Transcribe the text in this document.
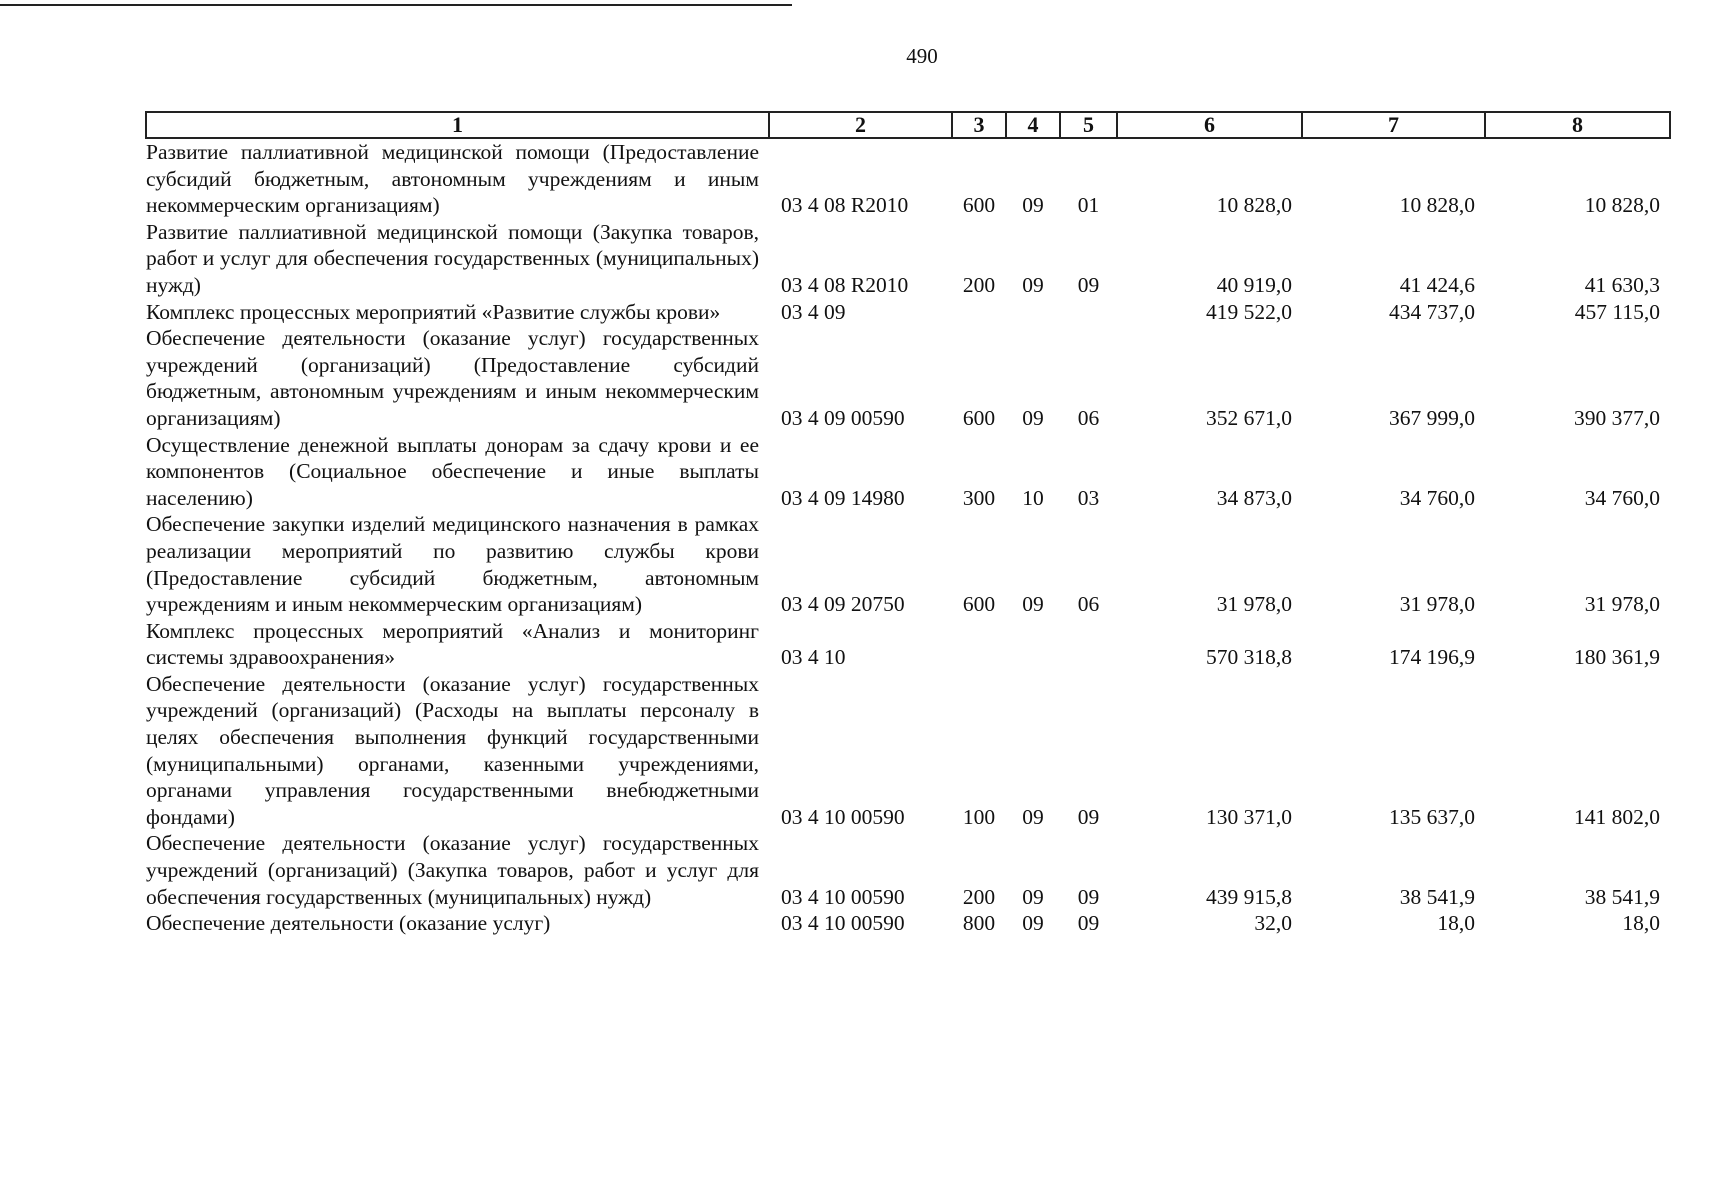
490
1	2	3	4	5	6	7	8
Развитие паллиативной медицинской помощи (Предоставление субсидий бюджетным, автономным учреждениям и иным некоммерческим организациям)	03 4 08 R2010	600	09	01	10 828,0	10 828,0	10 828,0
Развитие паллиативной медицинской помощи (Закупка товаров, работ и услуг для обеспечения государственных (муниципальных) нужд)	03 4 08 R2010	200	09	09	40 919,0	41 424,6	41 630,3
Комплекс процессных мероприятий «Развитие службы крови»	03 4 09				419 522,0	434 737,0	457 115,0
Обеспечение деятельности (оказание услуг) государственных учреждений (организаций) (Предоставление субсидий бюджетным, автономным учреждениям и иным некоммерческим организациям)	03 4 09 00590	600	09	06	352 671,0	367 999,0	390 377,0
Осуществление денежной выплаты донорам за сдачу крови и ее компонентов (Социальное обеспечение и иные выплаты населению)	03 4 09 14980	300	10	03	34 873,0	34 760,0	34 760,0
Обеспечение закупки изделий медицинского назначения в рамках реализации мероприятий по развитию службы крови (Предоставление субсидий бюджетным, автономным учреждениям и иным некоммерческим организациям)	03 4 09 20750	600	09	06	31 978,0	31 978,0	31 978,0
Комплекс процессных мероприятий «Анализ и мониторинг системы здравоохранения»	03 4 10				570 318,8	174 196,9	180 361,9
Обеспечение деятельности (оказание услуг) государственных учреждений (организаций) (Расходы на выплаты персоналу в целях обеспечения выполнения функций государственными (муниципальными) органами, казенными учреждениями, органами управления государственными внебюджетными фондами)	03 4 10 00590	100	09	09	130 371,0	135 637,0	141 802,0
Обеспечение деятельности (оказание услуг) государственных учреждений (организаций) (Закупка товаров, работ и услуг для обеспечения государственных (муниципальных) нужд)	03 4 10 00590	200	09	09	439 915,8	38 541,9	38 541,9
Обеспечение деятельности (оказание услуг)	03 4 10 00590	800	09	09	32,0	18,0	18,0
